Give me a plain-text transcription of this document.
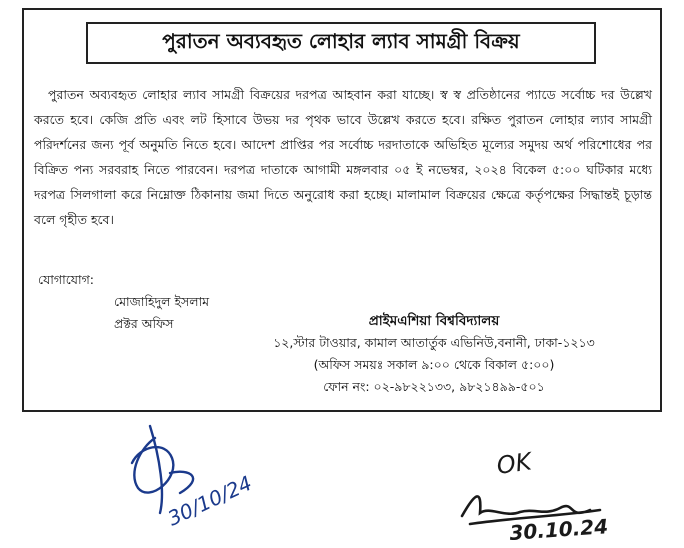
পুরাতন অব্যবহৃত লোহার ল্যাব সামগ্রী বিক্রয়

পুরাতন অব্যবহৃত লোহার ল্যাব সামগ্রী বিক্রয়ের দরপত্র আহবান করা যাচ্ছে। স্ব স্ব প্রতিষ্ঠানের প্যাডে সর্বোচ্চ দর উল্লেখ করতে হবে। কেজি প্রতি এবং লট হিসাবে উভয় দর পৃথক ভাবে উল্লেখ করতে হবে। রক্ষিত পুরাতন লোহার ল্যাব সামগ্রী পরিদর্শনের জন্য পূর্ব অনুমতি নিতে হবে। আদেশ প্রাপ্তির পর সর্বোচ্চ দরদাতাকে অভিহিত মূল্যের সমুদয় অর্থ পরিশোধের পর বিক্রিত পন্য সরবরাহ নিতে পারবেন। দরপত্র দাতাকে আগামী মঙ্গলবার ০৫ ই নভেম্বর, ২০২৪ বিকেল ৫:০০ ঘটিকার মধ্যে দরপত্র সিলগালা করে নিম্নোক্ত ঠিকানায় জমা দিতে অনুরোধ করা হচ্ছে। মালামাল বিক্রয়ের ক্ষেত্রে কর্তৃপক্ষের সিদ্ধান্তই চূড়ান্ত বলে গৃহীত হবে।

যোগাযোগ:
মোজাহিদুল ইসলাম
প্রক্টর অফিস	প্রাইমএশিয়া বিশ্ববিদ্যালয়
১২,স্টার টাওয়ার, কামাল আতার্তুক এভিনিউ,বনানী, ঢাকা-১২১৩
(অফিস সময়ঃ সকাল ৯:০০ থেকে বিকাল ৫:০০)
ফোন নং: ০২-৯৮২২১৩৩, ৯৮২১৪৯৯-৫০১
30/10/24
OK
30.10.24
